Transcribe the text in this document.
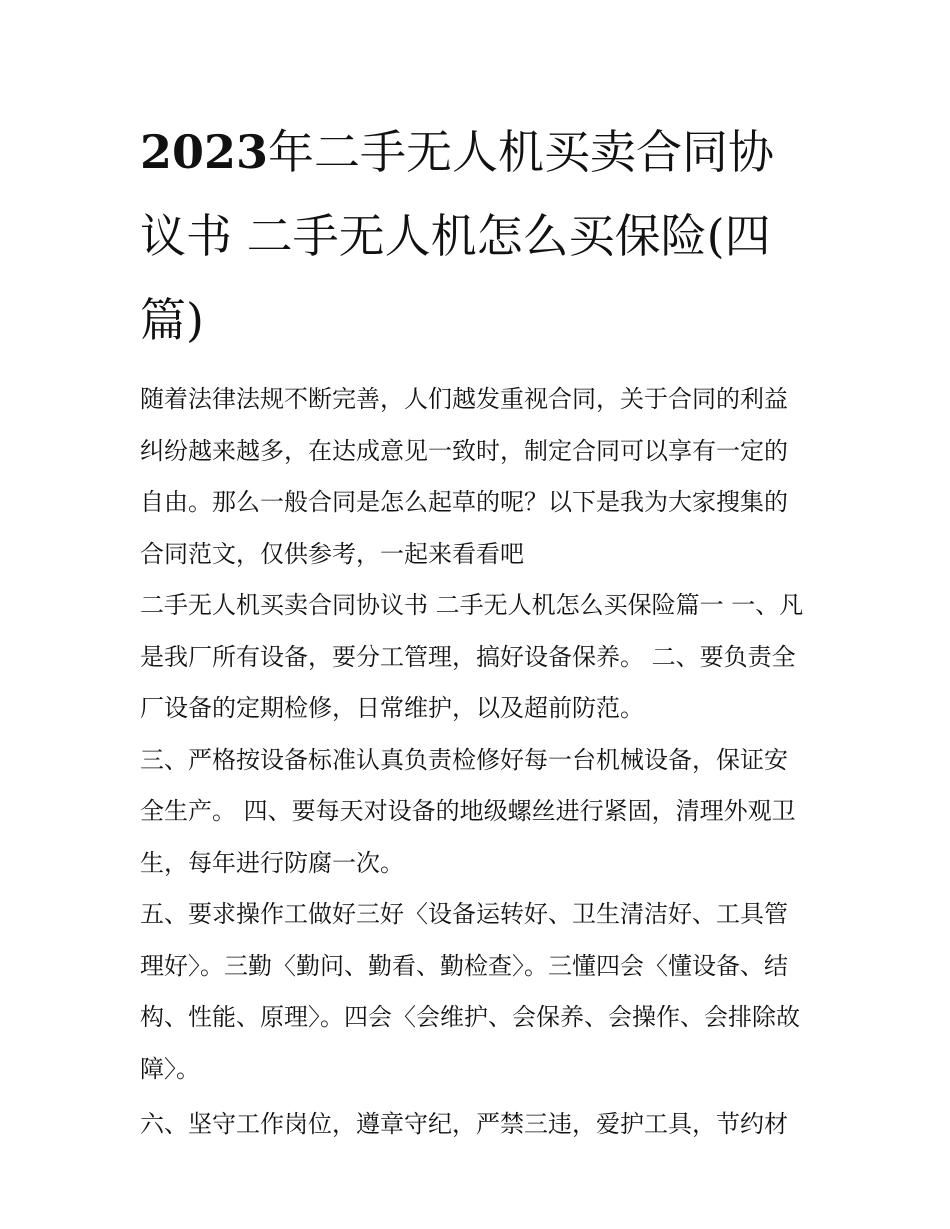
2023年二手无人机买卖合同协议书 二手无人机怎么买保险(四篇)

随着法律法规不断完善，人们越发重视合同，关于合同的利益纠纷越来越多，在达成意见一致时，制定合同可以享有一定的自由。那么一般合同是怎么起草的呢？以下是我为大家搜集的合同范文，仅供参考，一起来看看吧

二手无人机买卖合同协议书 二手无人机怎么买保险篇一 一、凡是我厂所有设备，要分工管理，搞好设备保养。 二、要负责全厂设备的定期检修，日常维护，以及超前防范。

三、严格按设备标准认真负责检修好每一台机械设备，保证安全生产。 四、要每天对设备的地级螺丝进行紧固，清理外观卫生，每年进行防腐一次。

五、要求操作工做好三好〈设备运转好、卫生清洁好、工具管理好〉。三勤〈勤问、勤看、勤检查〉。三懂四会〈懂设备、结构、性能、原理〉。四会〈会维护、会保养、会操作、会排除故障〉。

六、坚守工作岗位，遵章守纪，严禁三违，爱护工具，节约材
